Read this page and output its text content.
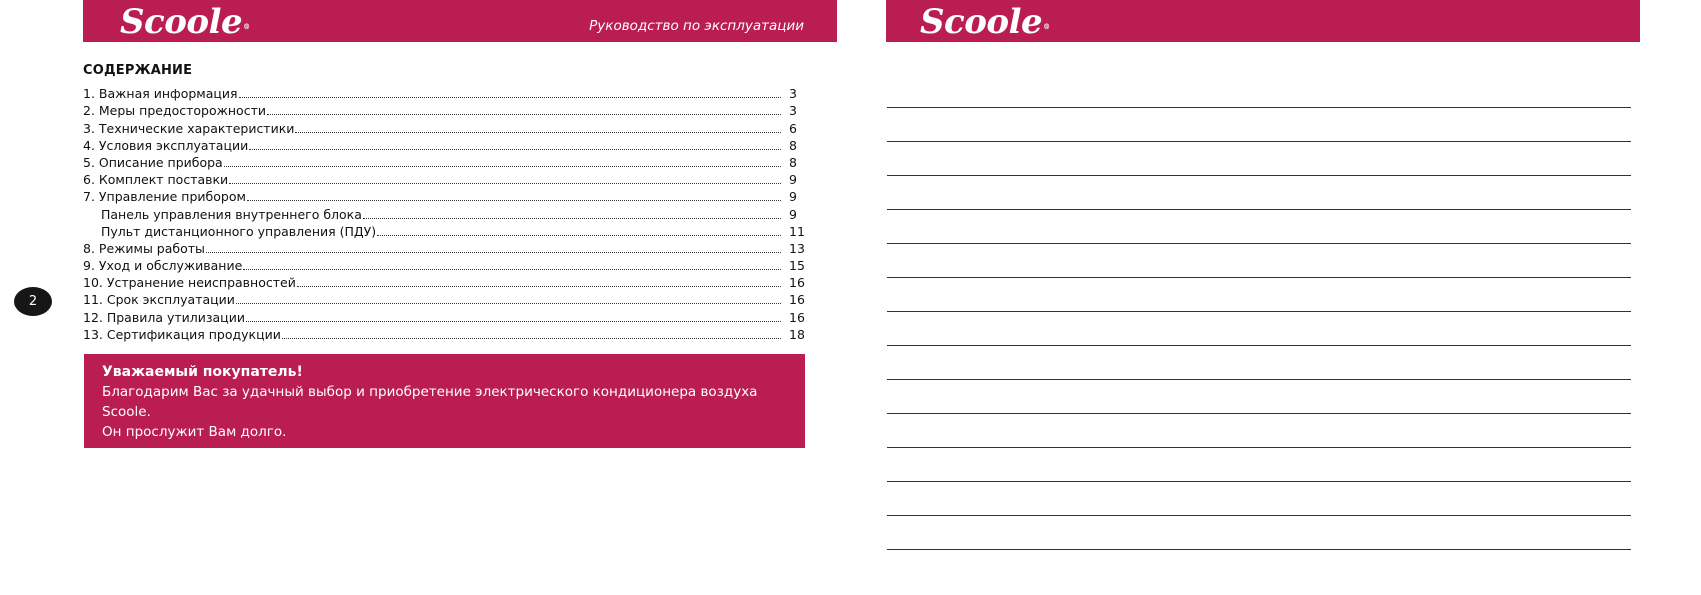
Scoole®	Руководство по эксплуатации
СОДЕРЖАНИЕ
1. Важная информация	3
2. Меры предосторожности	3
3. Технические характеристики	6
4. Условия эксплуатации	8
5. Описание прибора	8
6. Комплект поставки	9
7. Управление прибором	9
Панель управления внутреннего блока	9
Пульт дистанционного управления (ПДУ)	11
8. Режимы работы	13
9. Уход и обслуживание	15
10. Устранение неисправностей	16
11. Срок эксплуатации	16
12. Правила утилизации	16
13. Сертификация продукции	18
2
Уважаемый покупатель!
Благодарим Вас за удачный выбор и приобретение электрического кондиционера воздуха Scoole.
Он прослужит Вам долго.
Scoole®
